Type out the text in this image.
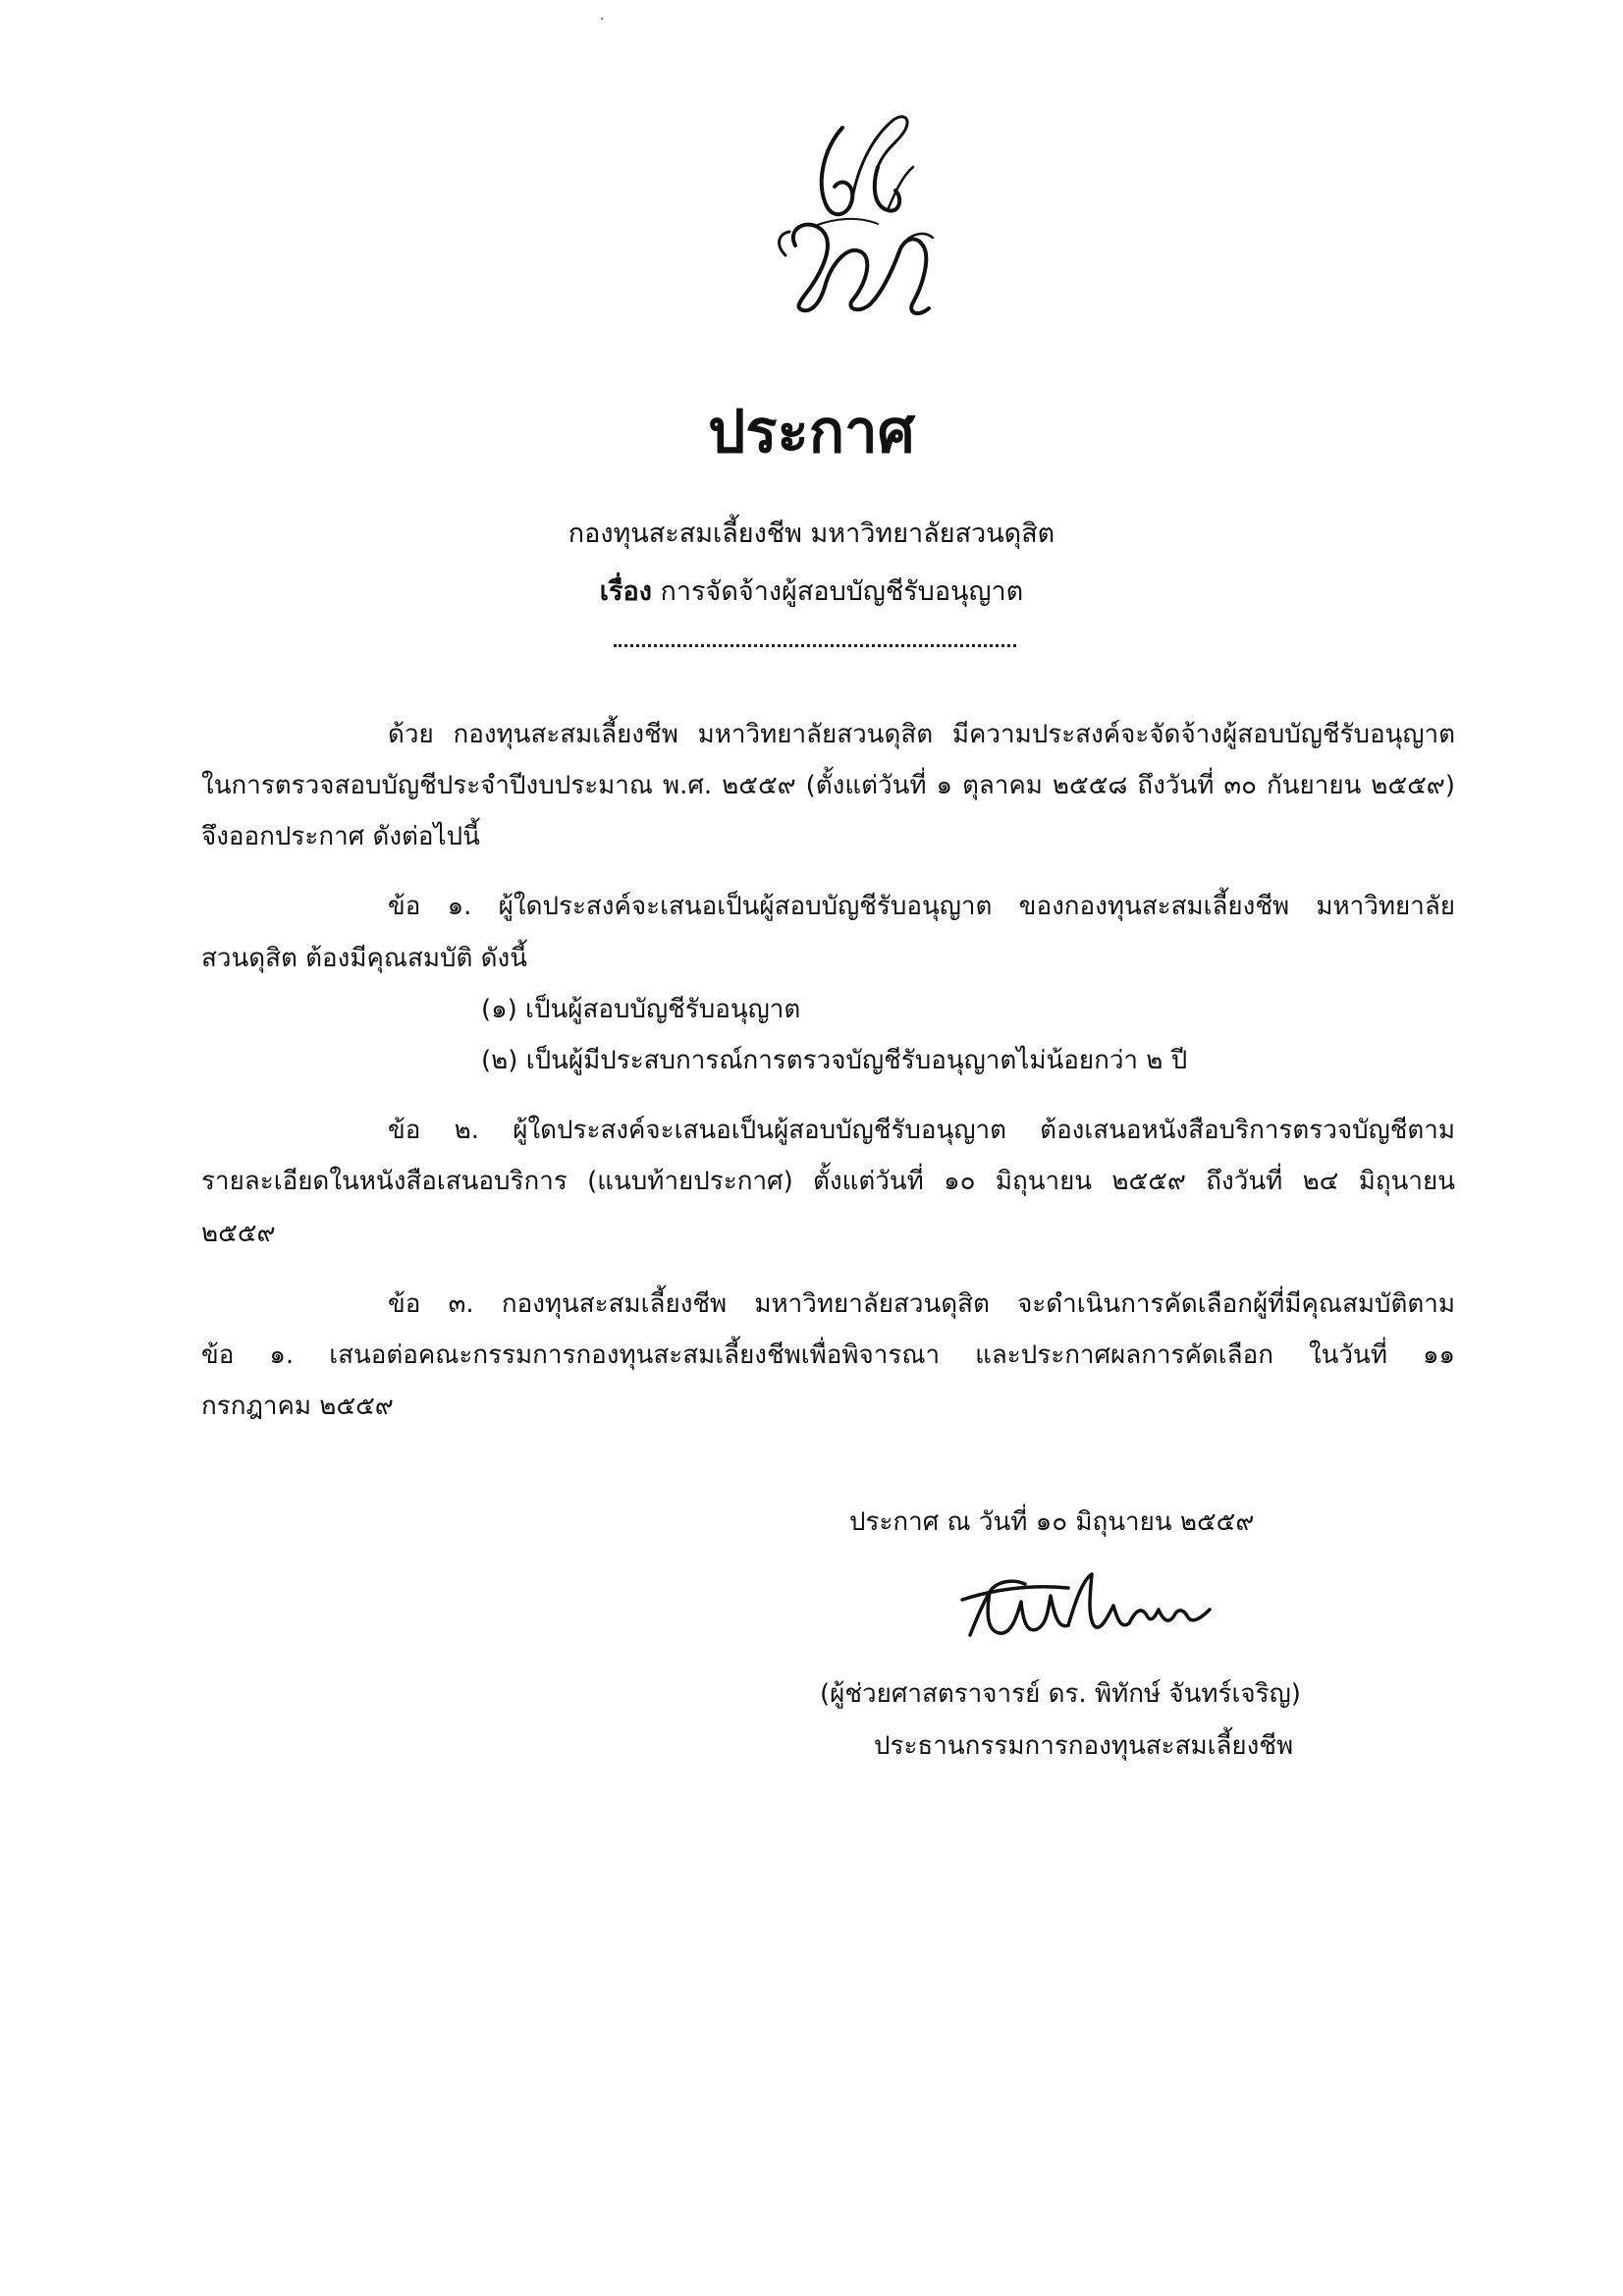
ประกาศ
กองทุนสะสมเลี้ยงชีพ มหาวิทยาลัยสวนดุสิต
เรื่อง การจัดจ้างผู้สอบบัญชีรับอนุญาต
ด้วย กองทุนสะสมเลี้ยงชีพ มหาวิทยาลัยสวนดุสิต มีความประสงค์จะจัดจ้างผู้สอบบัญชีรับอนุญาต
ในการตรวจสอบบัญชีประจำปีงบประมาณ พ.ศ. ๒๕๕๙ (ตั้งแต่วันที่ ๑ ตุลาคม ๒๕๕๘ ถึงวันที่ ๓๐ กันยายน ๒๕๕๙)
จึงออกประกาศ ดังต่อไปนี้
ข้อ ๑. ผู้ใดประสงค์จะเสนอเป็นผู้สอบบัญชีรับอนุญาต ของกองทุนสะสมเลี้ยงชีพ มหาวิทยาลัย
สวนดุสิต ต้องมีคุณสมบัติ ดังนี้
(๑) เป็นผู้สอบบัญชีรับอนุญาต
(๒) เป็นผู้มีประสบการณ์การตรวจบัญชีรับอนุญาตไม่น้อยกว่า ๒ ปี
ข้อ ๒. ผู้ใดประสงค์จะเสนอเป็นผู้สอบบัญชีรับอนุญาต ต้องเสนอหนังสือบริการตรวจบัญชีตาม
รายละเอียดในหนังสือเสนอบริการ (แนบท้ายประกาศ) ตั้งแต่วันที่ ๑๐ มิถุนายน ๒๕๕๙ ถึงวันที่ ๒๔ มิถุนายน
๒๕๕๙
ข้อ ๓. กองทุนสะสมเลี้ยงชีพ มหาวิทยาลัยสวนดุสิต จะดำเนินการคัดเลือกผู้ที่มีคุณสมบัติตาม
ข้อ ๑. เสนอต่อคณะกรรมการกองทุนสะสมเลี้ยงชีพเพื่อพิจารณา และประกาศผลการคัดเลือก ในวันที่ ๑๑
กรกฎาคม ๒๕๕๙
ประกาศ ณ วันที่ ๑๐ มิถุนายน ๒๕๕๙
(ผู้ช่วยศาสตราจารย์ ดร. พิทักษ์ จันทร์เจริญ)
ประธานกรรมการกองทุนสะสมเลี้ยงชีพ
